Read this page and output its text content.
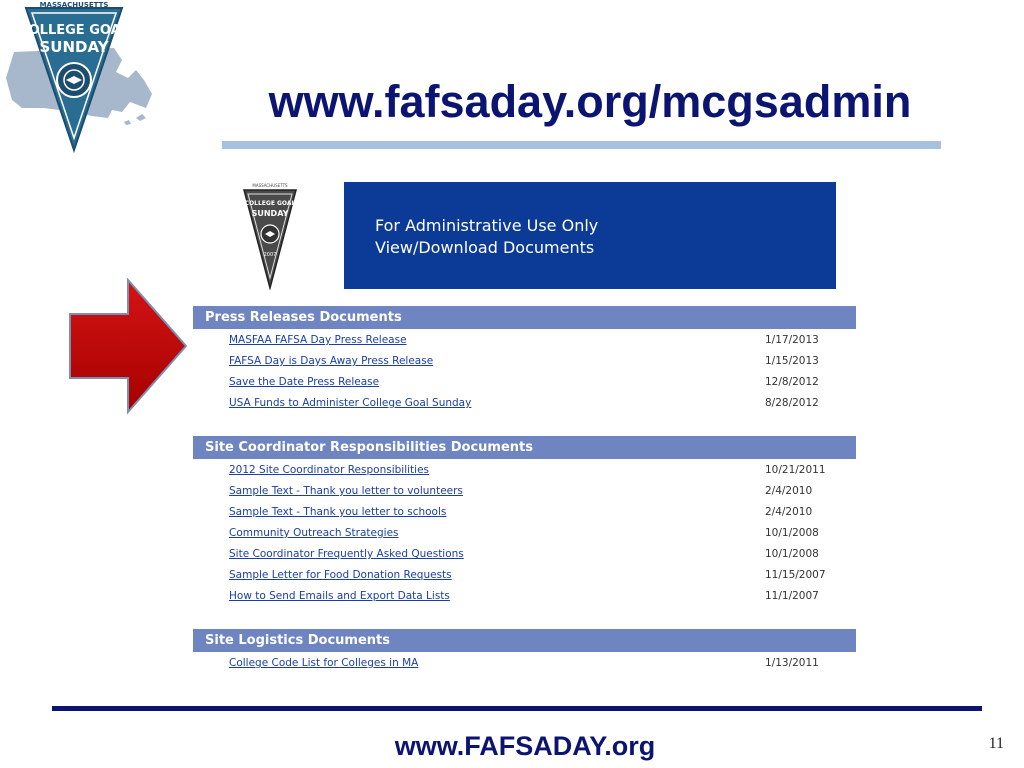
MASSACHUSETTS
COLLEGE GOAL
SUNDAY
www.fafsaday.org/mcgsadmin
MASSACHUSETTS
COLLEGE GOAL
SUNDAY
2007
For Administrative Use Only
View/Download Documents
Press Releases Documents
MASFAA FAFSA Day Press Release	1/17/2013
FAFSA Day is Days Away Press Release	1/15/2013
Save the Date Press Release	12/8/2012
USA Funds to Administer College Goal Sunday	8/28/2012
Site Coordinator Responsibilities Documents
2012 Site Coordinator Responsibilities	10/21/2011
Sample Text - Thank you letter to volunteers	2/4/2010
Sample Text - Thank you letter to schools	2/4/2010
Community Outreach Strategies	10/1/2008
Site Coordinator Frequently Asked Questions	10/1/2008
Sample Letter for Food Donation Requests	11/15/2007
How to Send Emails and Export Data Lists	11/1/2007
Site Logistics Documents
College Code List for Colleges in MA	1/13/2011
www.FAFSADAY.org	11
